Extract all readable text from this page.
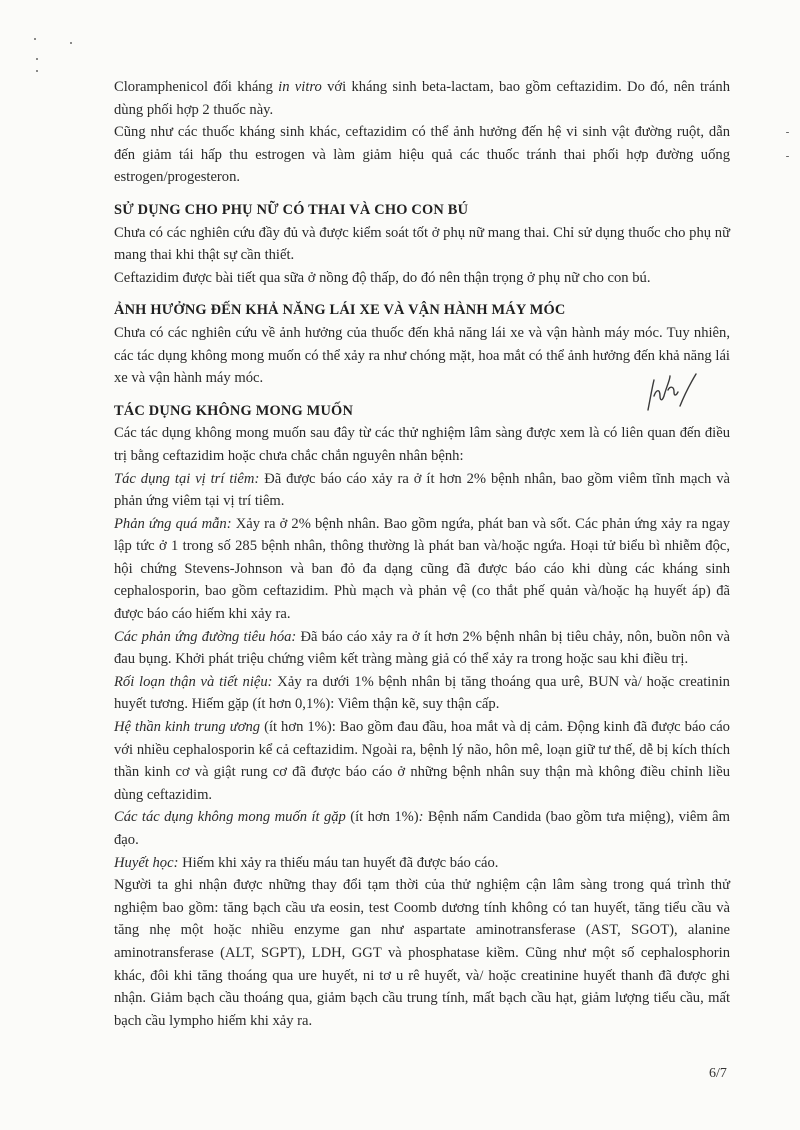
Cloramphenicol đối kháng in vitro với kháng sinh beta-lactam, bao gồm ceftazidim. Do đó, nên tránh dùng phối hợp 2 thuốc này.

Cũng như các thuốc kháng sinh khác, ceftazidim có thể ảnh hưởng đến hệ vi sinh vật đường ruột, dẫn đến giảm tái hấp thu estrogen và làm giảm hiệu quả các thuốc tránh thai phối hợp đường uống estrogen/progesteron.

SỬ DỤNG CHO PHỤ NỮ CÓ THAI VÀ CHO CON BÚ

Chưa có các nghiên cứu đầy đủ và được kiểm soát tốt ở phụ nữ mang thai. Chỉ sử dụng thuốc cho phụ nữ mang thai khi thật sự cần thiết.

Ceftazidim được bài tiết qua sữa ở nồng độ thấp, do đó nên thận trọng ở phụ nữ cho con bú.

ẢNH HƯỞNG ĐẾN KHẢ NĂNG LÁI XE VÀ VẬN HÀNH MÁY MÓC

Chưa có các nghiên cứu về ảnh hưởng của thuốc đến khả năng lái xe và vận hành máy móc. Tuy nhiên, các tác dụng không mong muốn có thể xảy ra như chóng mặt, hoa mắt có thể ảnh hưởng đến khả năng lái xe và vận hành máy móc.

TÁC DỤNG KHÔNG MONG MUỐN

Các tác dụng không mong muốn sau đây từ các thử nghiệm lâm sàng được xem là có liên quan đến điều trị bằng ceftazidim hoặc chưa chắc chắn nguyên nhân bệnh:

Tác dụng tại vị trí tiêm: Đã được báo cáo xảy ra ở ít hơn 2% bệnh nhân, bao gồm viêm tĩnh mạch và phản ứng viêm tại vị trí tiêm.

Phản ứng quá mẫn: Xảy ra ở 2% bệnh nhân. Bao gồm ngứa, phát ban và sốt. Các phản ứng xảy ra ngay lập tức ở 1 trong số 285 bệnh nhân, thông thường là phát ban và/hoặc ngứa. Hoại tử biểu bì nhiễm độc, hội chứng Stevens-Johnson và ban đỏ đa dạng cũng đã được báo cáo khi dùng các kháng sinh cephalosporin, bao gồm ceftazidim. Phù mạch và phản vệ (co thắt phế quản và/hoặc hạ huyết áp) đã được báo cáo hiếm khi xảy ra.

Các phản ứng đường tiêu hóa: Đã báo cáo xảy ra ở ít hơn 2% bệnh nhân bị tiêu chảy, nôn, buồn nôn và đau bụng. Khởi phát triệu chứng viêm kết tràng màng giả có thể xảy ra trong hoặc sau khi điều trị.

Rối loạn thận và tiết niệu: Xảy ra dưới 1% bệnh nhân bị tăng thoáng qua urê, BUN và/ hoặc creatinin huyết tương. Hiếm gặp (ít hơn 0,1%): Viêm thận kẽ, suy thận cấp.

Hệ thần kinh trung ương (ít hơn 1%): Bao gồm đau đầu, hoa mắt và dị cảm. Động kinh đã được báo cáo với nhiều cephalosporin kể cả ceftazidim. Ngoài ra, bệnh lý não, hôn mê, loạn giữ tư thế, dễ bị kích thích thần kinh cơ và giật rung cơ đã được báo cáo ở những bệnh nhân suy thận mà không điều chỉnh liều dùng ceftazidim.

Các tác dụng không mong muốn ít gặp (ít hơn 1%): Bệnh nấm Candida (bao gồm tưa miệng), viêm âm đạo.

Huyết học: Hiếm khi xảy ra thiếu máu tan huyết đã được báo cáo.

Người ta ghi nhận được những thay đổi tạm thời của thử nghiệm cận lâm sàng trong quá trình thử nghiệm bao gồm: tăng bạch cầu ưa eosin, test Coomb dương tính không có tan huyết, tăng tiểu cầu và tăng nhẹ một hoặc nhiều enzyme gan như aspartate aminotransferase (AST, SGOT), alanine aminotransferase (ALT, SGPT), LDH, GGT và phosphatase kiềm. Cũng như một số cephalosphorin khác, đôi khi tăng thoáng qua ure huyết, ni tơ u rê huyết, và/ hoặc creatinine huyết thanh đã được ghi nhận. Giảm bạch cầu thoáng qua, giảm bạch cầu trung tính, mất bạch cầu hạt, giảm lượng tiểu cầu, mất bạch cầu lympho hiếm khi xảy ra.

6/7
